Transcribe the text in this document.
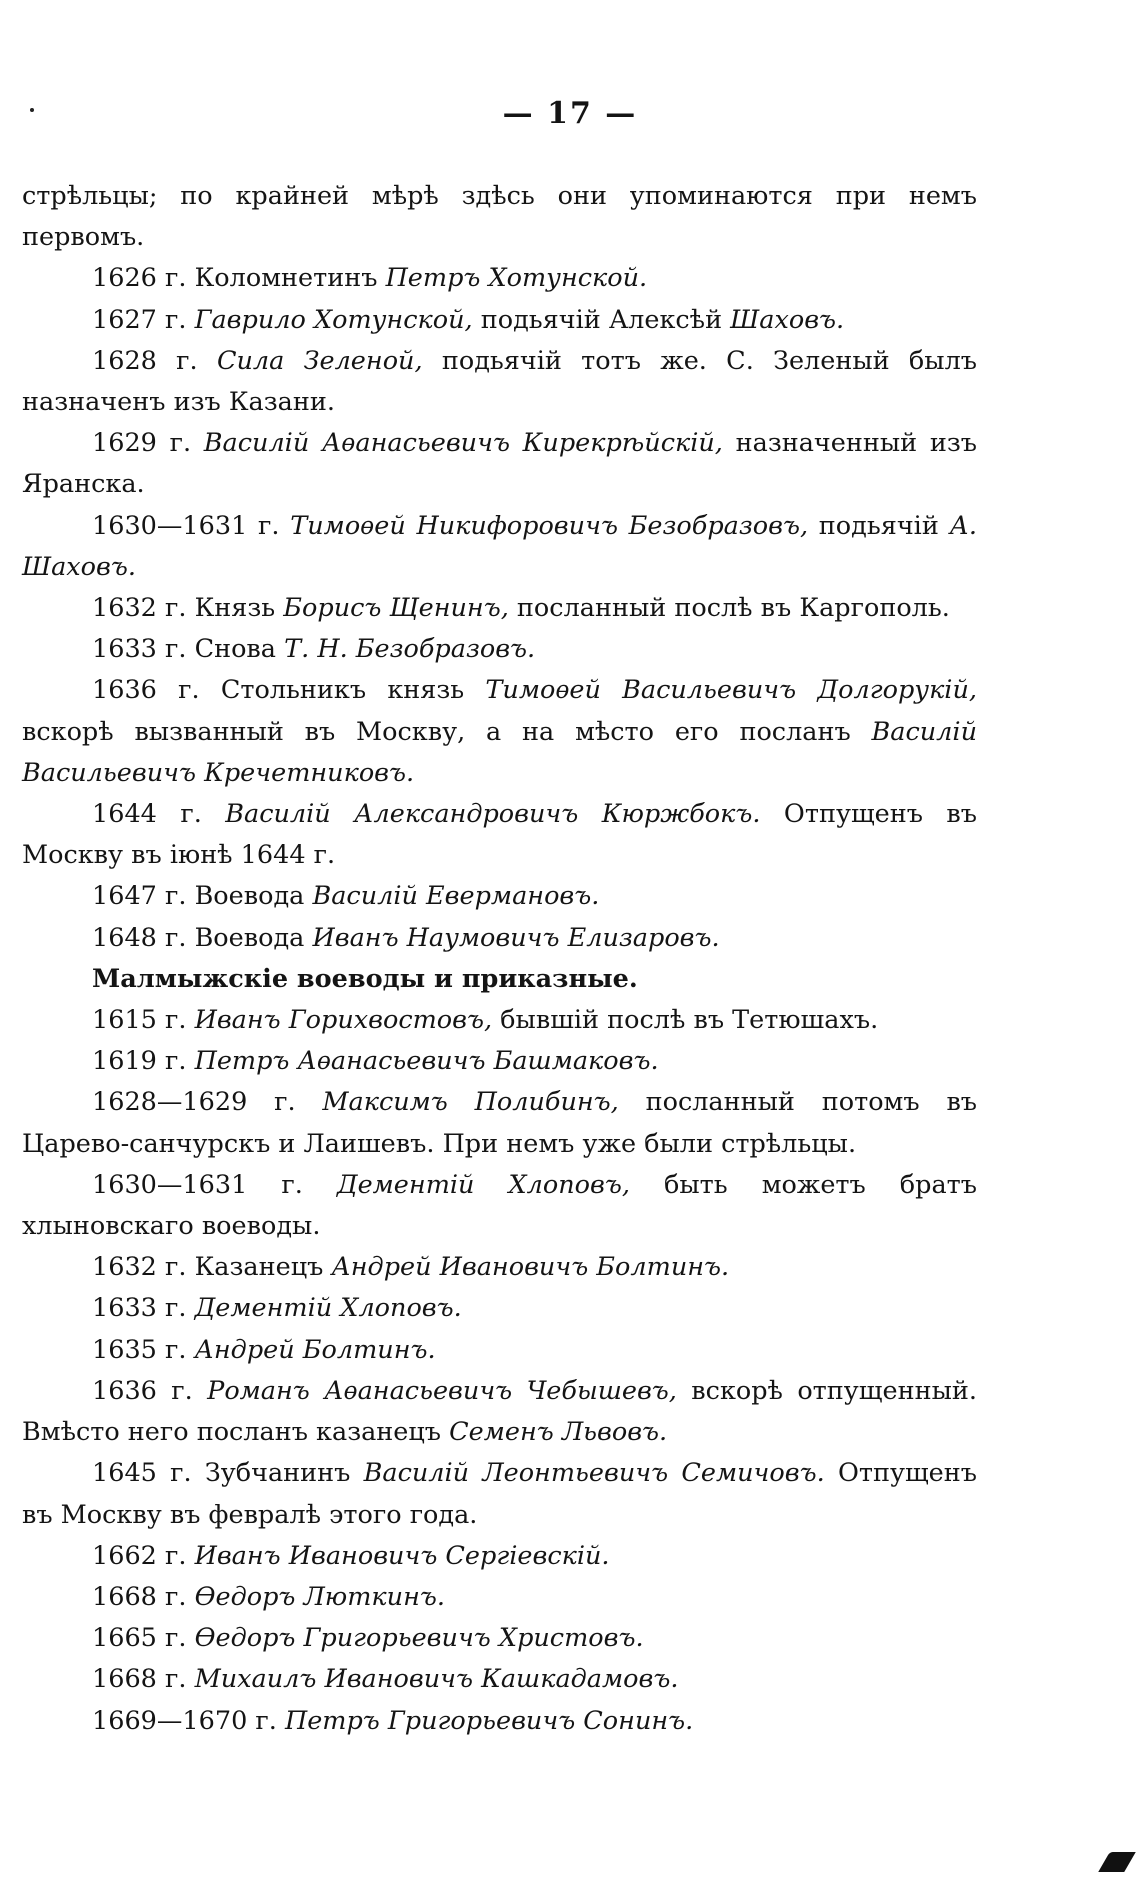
— 17 —

стрѣльцы; по крайней мѣрѣ здѣсь они упоминаются при немъ первомъ.

1626 г. Коломнетинъ Петръ Хотунской.

1627 г. Гаврило Хотунской, подьячій Алексѣй Шаховъ.

1628 г. Сила Зеленой, подьячій тотъ же. С. Зеленый былъ назначенъ изъ Казани.

1629 г. Василій Аѳанасьевичъ Кирекрѣйскій, назначенный изъ Яранска.

1630—1631 г. Тимоѳей Никифоровичъ Безобразовъ, подьячій А. Шаховъ.

1632 г. Князь Борисъ Щенинъ, посланный послѣ въ Каргополь.

1633 г. Снова Т. Н. Безобразовъ.

1636 г. Стольникъ князь Тимоѳей Васильевичъ Долгорукій, вскорѣ вызванный въ Москву, а на мѣсто его посланъ Василій Васильевичъ Кречетниковъ.

1644 г. Василій Александровичъ Кюржбокъ. Отпущенъ въ Москву въ іюнѣ 1644 г.

1647 г. Воевода Василій Евермановъ.

1648 г. Воевода Иванъ Наумовичъ Елизаровъ.

Малмыжскіе воеводы и приказные.

1615 г. Иванъ Горихвостовъ, бывшій послѣ въ Тетюшахъ.

1619 г. Петръ Аѳанасьевичъ Башмаковъ.

1628—1629 г. Максимъ Полибинъ, посланный потомъ въ Царево-санчурскъ и Лаишевъ. При немъ уже были стрѣльцы.

1630—1631 г. Дементій Хлоповъ, быть можетъ братъ хлыновскаго воеводы.

1632 г. Казанецъ Андрей Ивановичъ Болтинъ.

1633 г. Дементій Хлоповъ.

1635 г. Андрей Болтинъ.

1636 г. Романъ Аѳанасьевичъ Чебышевъ, вскорѣ отпущенный. Вмѣсто него посланъ казанецъ Семенъ Львовъ.

1645 г. Зубчанинъ Василій Леонтьевичъ Семичовъ. Отпущенъ въ Москву въ февралѣ этого года.

1662 г. Иванъ Ивановичъ Сергіевскій.

1668 г. Ѳедоръ Люткинъ.

1665 г. Ѳедоръ Григорьевичъ Христовъ.

1668 г. Михаилъ Ивановичъ Кашкадамовъ.

1669—1670 г. Петръ Григорьевичъ Сонинъ.
